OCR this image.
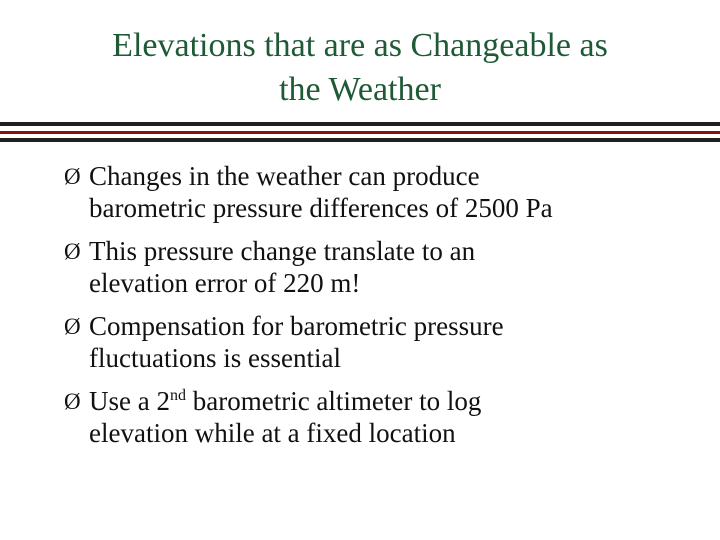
Elevations that are as Changeable as
the Weather
Ø Changes in the weather can produce
barometric pressure differences of 2500 Pa
Ø This pressure change translate to an
elevation error of 220 m!
Ø Compensation for barometric pressure
fluctuations is essential
Ø Use a 2nd barometric altimeter to log
elevation while at a fixed location
